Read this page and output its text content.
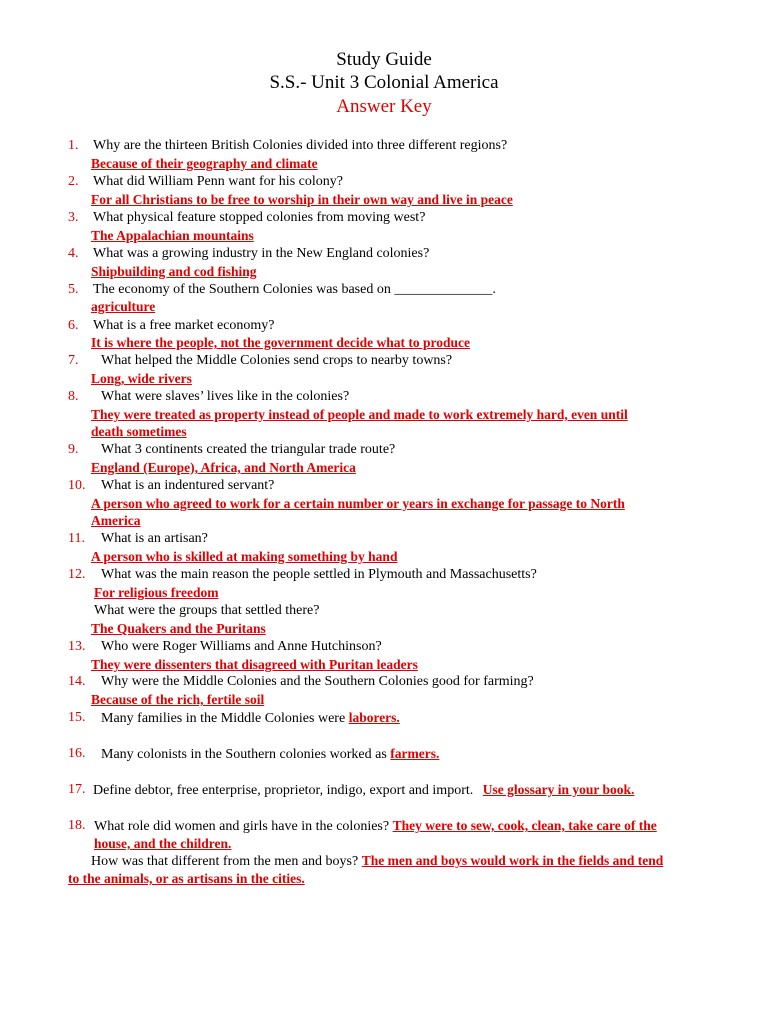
Study Guide
S.S.- Unit 3 Colonial America
Answer Key
1. Why are the thirteen British Colonies divided into three different regions?
Because of their geography and climate
2. What did William Penn want for his colony?
For all Christians to be free to worship in their own way and live in peace
3. What physical feature stopped colonies from moving west?
The Appalachian mountains
4. What was a growing industry in the New England colonies?
Shipbuilding and cod fishing
5. The economy of the Southern Colonies was based on ______________.
agriculture
6. What is a free market economy?
It is where the people, not the government decide what to produce
7. What helped the Middle Colonies send crops to nearby towns?
Long, wide rivers
8. What were slaves’ lives like in the colonies?
They were treated as property instead of people and made to work extremely hard, even until
death sometimes
9. What 3 continents created the triangular trade route?
England (Europe), Africa, and North America
10. What is an indentured servant?
A person who agreed to work for a certain number or years in exchange for passage to North
America
11. What is an artisan?
A person who is skilled at making something by hand
12. What was the main reason the people settled in Plymouth and Massachusetts?
For religious freedom
What were the groups that settled there?
The Quakers and the Puritans
13. Who were Roger Williams and Anne Hutchinson?
They were dissenters that disagreed with Puritan leaders
14. Why were the Middle Colonies and the Southern Colonies good for farming?
Because of the rich, fertile soil
15. Many families in the Middle Colonies were laborers.
16. Many colonists in the Southern colonies worked as farmers.
17. Define debtor, free enterprise, proprietor, indigo, export and import. Use glossary in your book.
18. What role did women and girls have in the colonies? They were to sew, cook, clean, take care of the
house, and the children.
How was that different from the men and boys? The men and boys would work in the fields and tend
to the animals, or as artisans in the cities.
